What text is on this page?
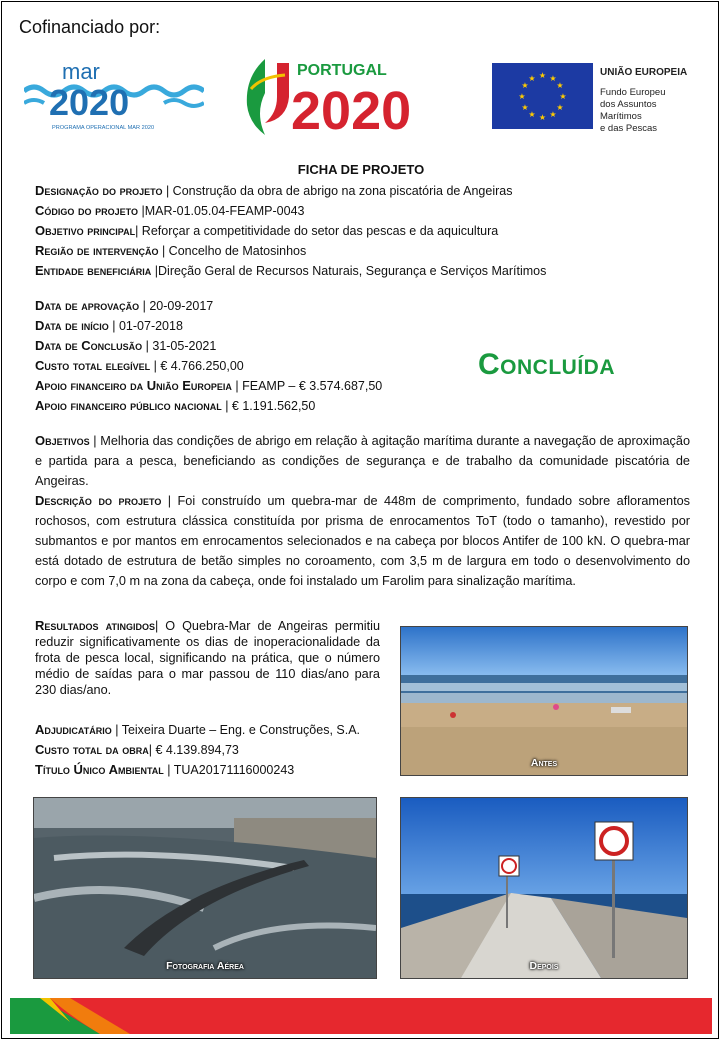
Cofinanciado por:
mar
2020
PROGRAMA OPERACIONAL MAR 2020
PORTUGAL
2020
★ ★
★
★
★
★
★
★
★
★
★
★
UNIÃO EUROPEIA
Fundo Europeu
dos Assuntos Marítimos
e das Pescas
FICHA DE PROJETO
Designação do projeto | Construção da obra de abrigo na zona piscatória de Angeiras
Código do projeto |MAR-01.05.04-FEAMP-0043
Objetivo principal| Reforçar a competitividade do setor das pescas e da aquicultura
Região de intervenção | Concelho de Matosinhos
Entidade beneficiária |Direção Geral de Recursos Naturais, Segurança e Serviços Marítimos
Data de aprovação | 20-09-2017
Data de início | 01-07-2018
Data de Conclusão | 31-05-2021
Custo total elegível | € 4.766.250,00
Apoio financeiro da União Europeia | FEAMP – € 3.574.687,50
Apoio financeiro público nacional | € 1.191.562,50
Concluída
Objetivos | Melhoria das condições de abrigo em relação à agitação marítima durante a navegação de aproximação e partida para a pesca, beneficiando as condições de segurança e de trabalho da comunidade piscatória de Angeiras.
Descrição do projeto | Foi construído um quebra-mar de 448m de comprimento, fundado sobre afloramentos rochosos, com estrutura clássica constituída por prisma de enrocamentos ToT (todo o tamanho), revestido por submantos e por mantos em enrocamentos selecionados e na cabeça por blocos Antifer de 100 kN. O quebra-mar está dotado de estrutura de betão simples no coroamento, com 3,5 m de largura em todo o desenvolvimento do corpo e com 7,0 m na zona da cabeça, onde foi instalado um Farolim para sinalização marítima.
Resultados atingidos| O Quebra-Mar de Angeiras permitiu reduzir significativamente os dias de inoperacionalidade da frota de pesca local, significando na prática, que o número médio de saídas para o mar passou de 110 dias/ano para 230 dias/ano.
Adjudicatário | Teixeira Duarte – Eng. e Construções, S.A.
Custo total da obra| € 4.139.894,73
Título Único Ambiental | TUA20171116000243	Antes
Fotografia Aérea	Depois
